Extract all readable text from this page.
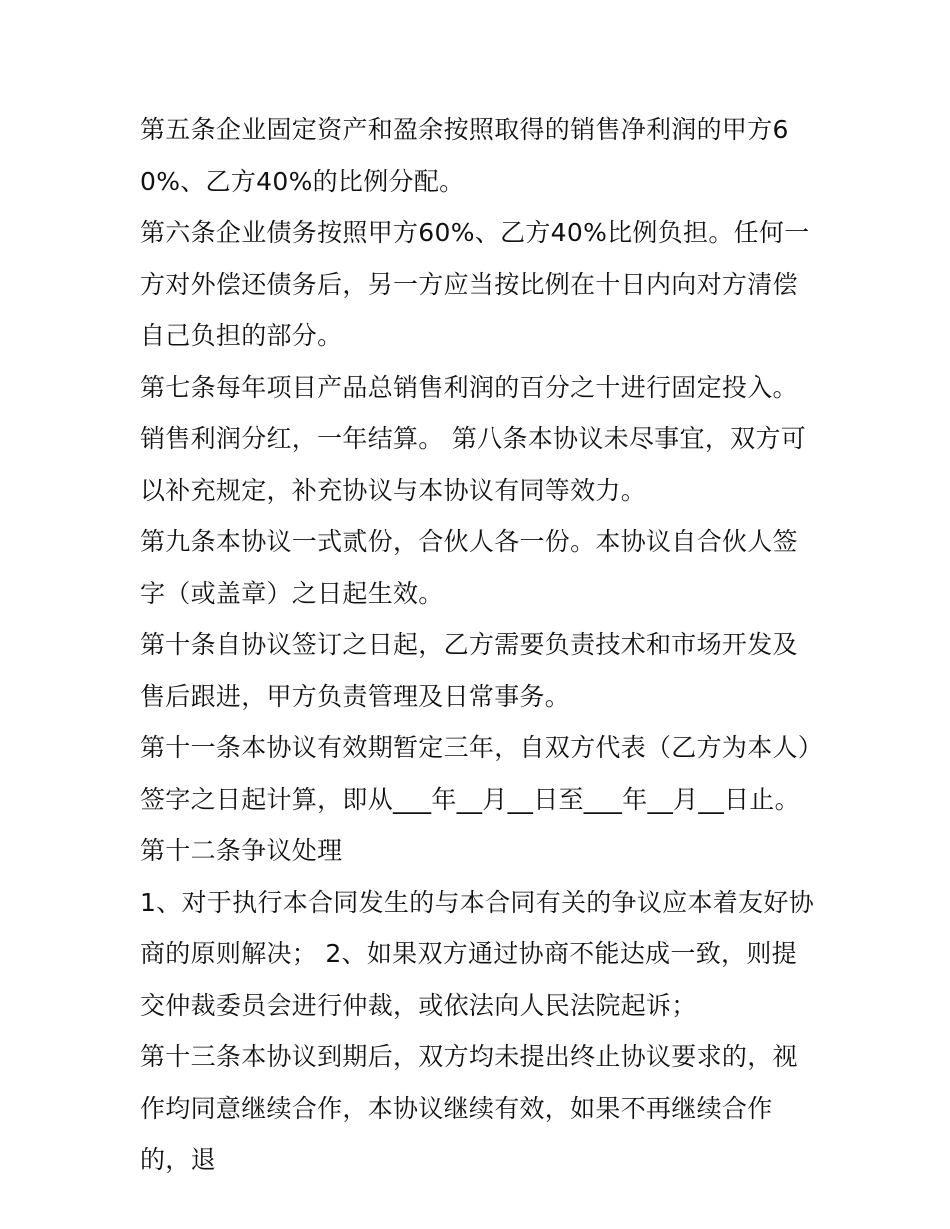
第五条企业固定资产和盈余按照取得的销售净利润的甲方60%、乙方40%的比例分配。

第六条企业债务按照甲方60%、乙方40%比例负担。任何一方对外偿还债务后，另一方应当按比例在十日内向对方清偿自己负担的部分。

第七条每年项目产品总销售利润的百分之十进行固定投入。销售利润分红，一年结算。 第八条本协议未尽事宜，双方可以补充规定，补充协议与本协议有同等效力。

第九条本协议一式贰份，合伙人各一份。本协议自合伙人签字（或盖章）之日起生效。

第十条自协议签订之日起，乙方需要负责技术和市场开发及售后跟进，甲方负责管理及日常事务。

第十一条本协议有效期暂定三年，自双方代表（乙方为本人）签字之日起计算，即从___年__月__日至___年__月__日止。 第十二条争议处理

1、对于执行本合同发生的与本合同有关的争议应本着友好协商的原则解决； 2、如果双方通过协商不能达成一致，则提交仲裁委员会进行仲裁，或依法向人民法院起诉；

第十三条本协议到期后，双方均未提出终止协议要求的，视作均同意继续合作，本协议继续有效，如果不再继续合作的，退
